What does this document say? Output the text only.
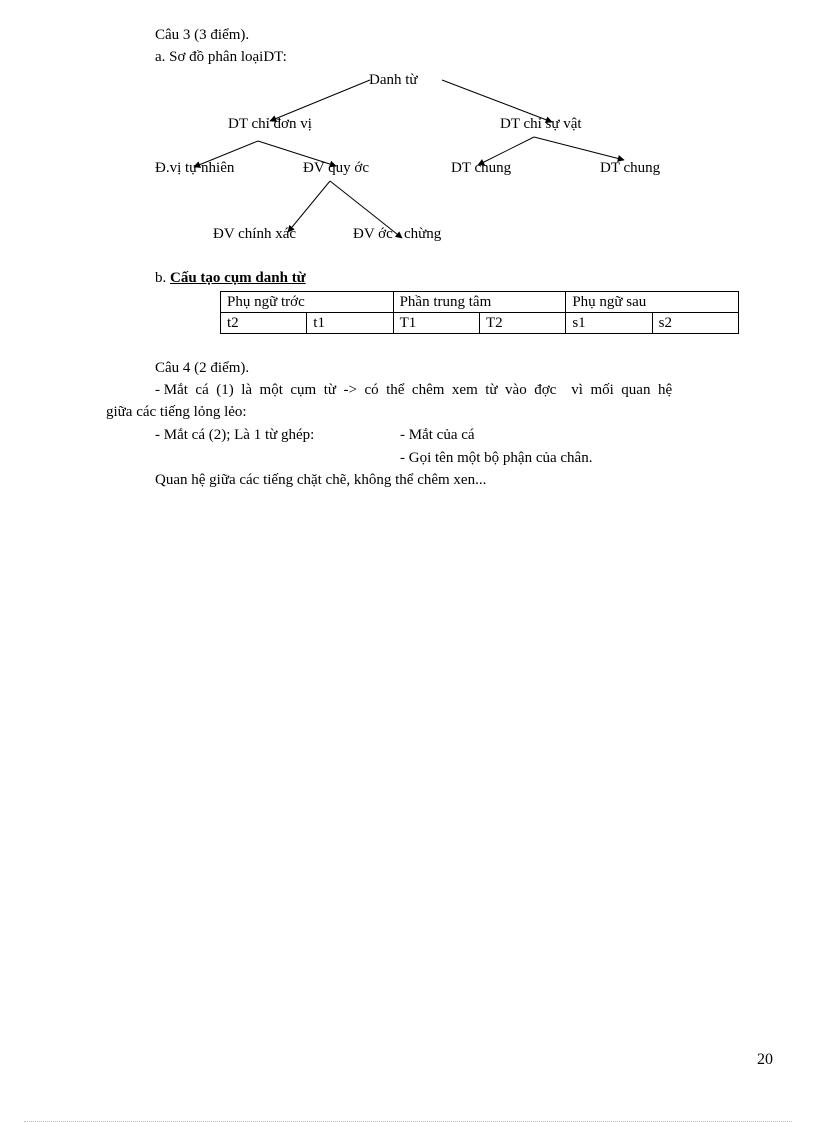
Câu 3 (3 điểm).
a. Sơ đồ phân loạiDT:
Danh từ
DT chỉ đơn vị	DT chỉ sự vật
Đ.vị tự nhiên	ĐV quy ớc	DT chung	DT chung
ĐV chính xác	ĐV ớc   chừng
b. Cấu tạo cụm danh từ
Phụ ngữ trớc		Phần trung tâm		Phụ ngữ sau	
t2	t1	T1	T2	s1	s2
Câu 4 (2 điểm).
- Mắt  cá  (1)  là  một  cụm  từ  ->  có  thể  chêm  xem  từ  vào  đợc    vì  mối  quan  hệ
giữa các tiếng lỏng lẻo:
- Mắt cá (2); Là 1 từ ghép:	- Mắt của cá
- Gọi tên một bộ phận của chân.
Quan hệ giữa các tiếng chặt chẽ, không thể chêm xen...
20
